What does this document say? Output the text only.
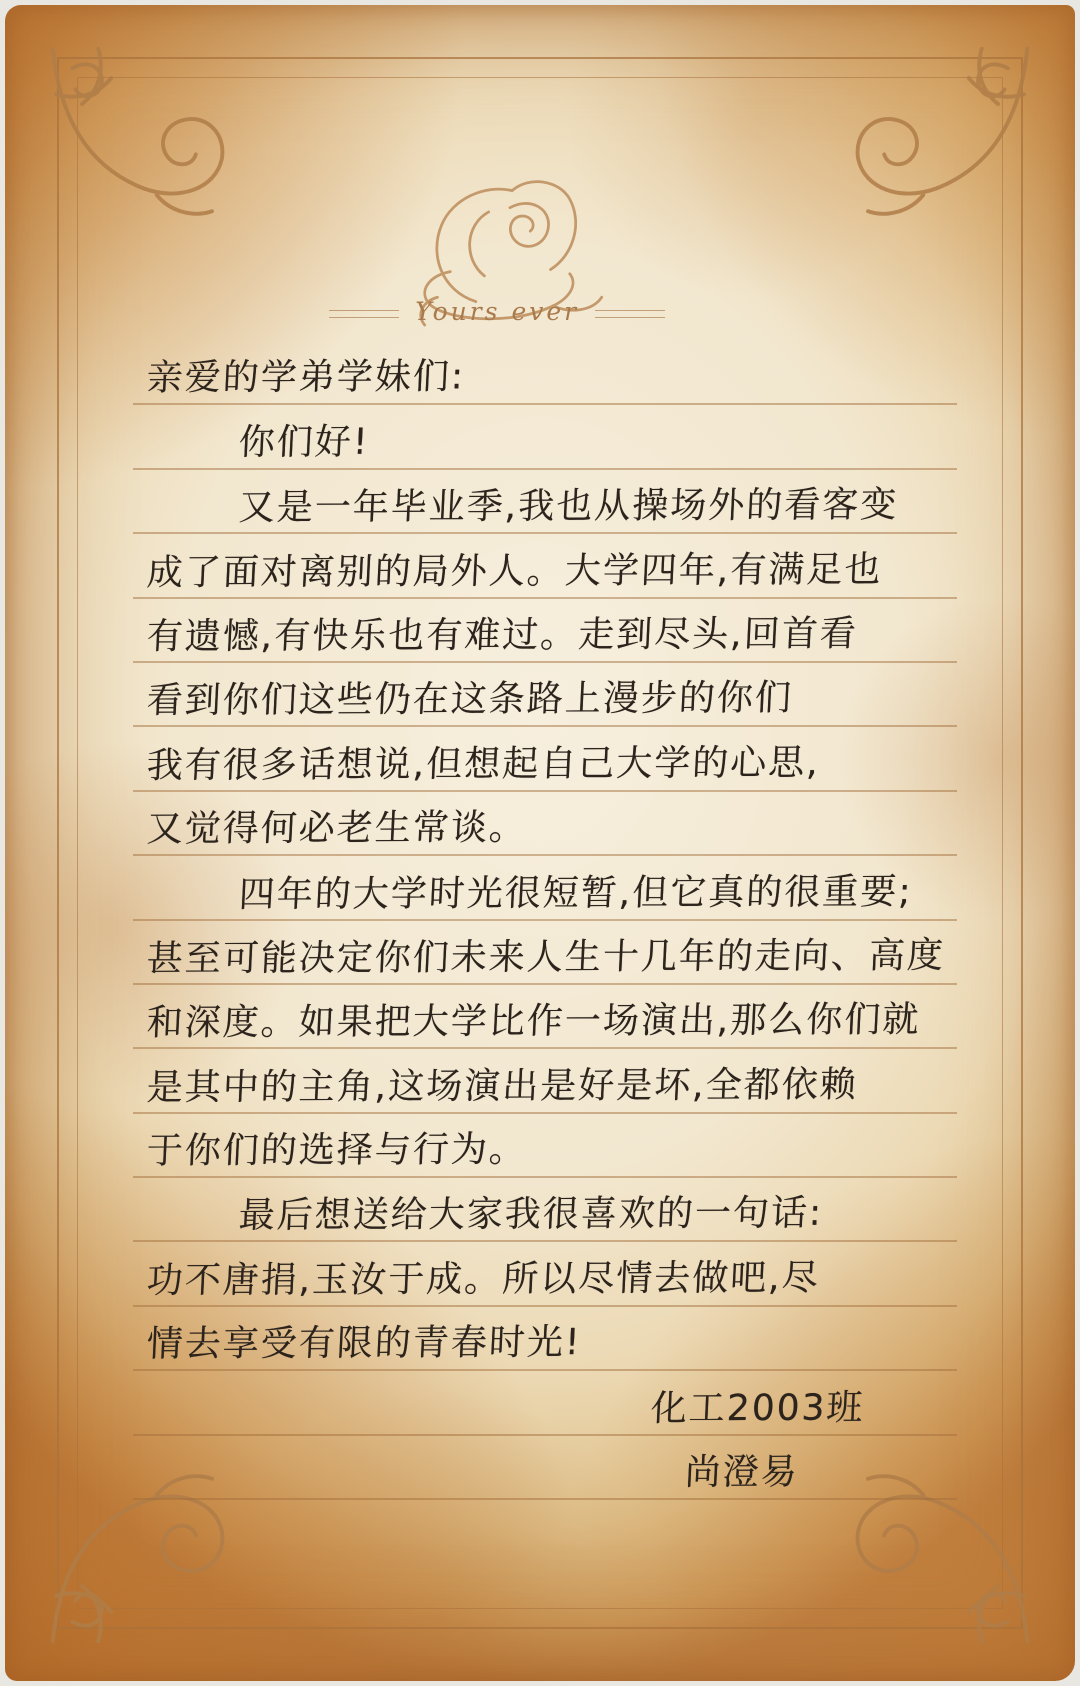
Yours ever
亲爱的学弟学妹们:
你们好!
又是一年毕业季,我也从操场外的看客变
成了面对离别的局外人。大学四年,有满足也
有遗憾,有快乐也有难过。走到尽头,回首看
看到你们这些仍在这条路上漫步的你们
我有很多话想说,但想起自己大学的心思,
又觉得何必老生常谈。
四年的大学时光很短暂,但它真的很重要;
甚至可能决定你们未来人生十几年的走向、高度
和深度。如果把大学比作一场演出,那么你们就
是其中的主角,这场演出是好是坏,全都依赖
于你们的选择与行为。
最后想送给大家我很喜欢的一句话:
功不唐捐,玉汝于成。所以尽情去做吧,尽
情去享受有限的青春时光!
化工2003班
尚澄易
